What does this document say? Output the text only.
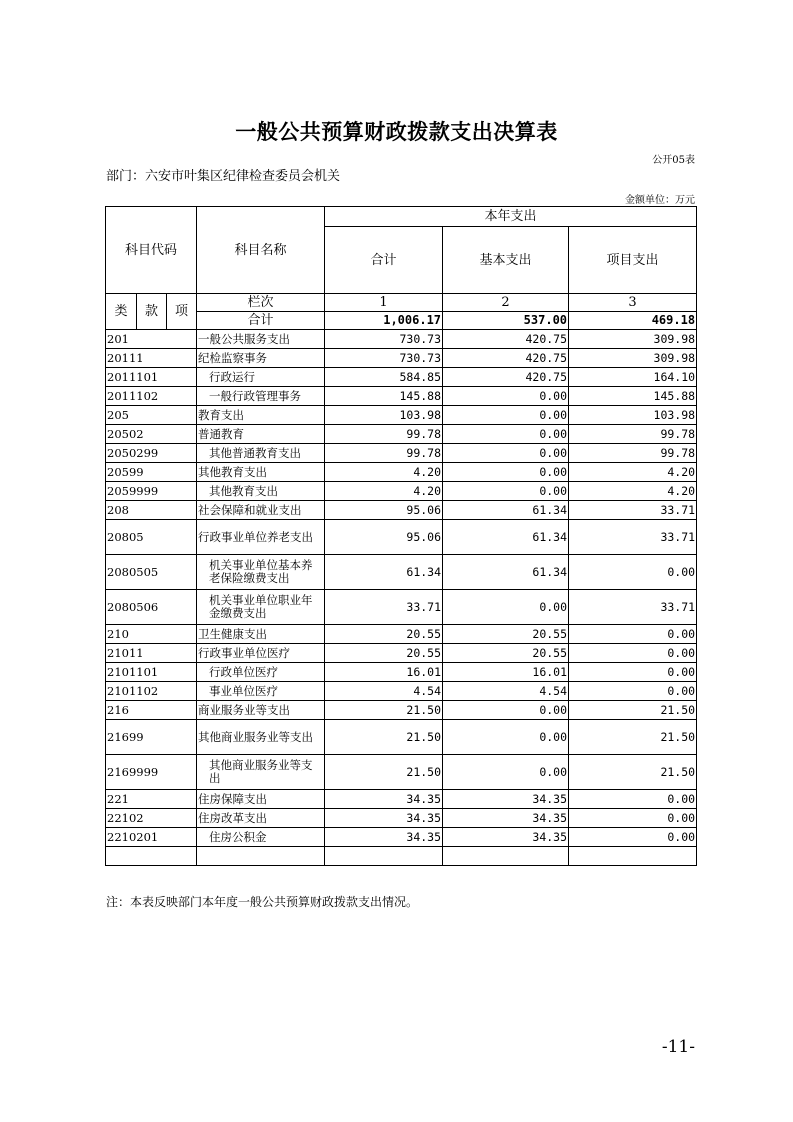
一般公共预算财政拨款支出决算表
公开05表
部门：六安市叶集区纪律检查委员会机关
金额单位：万元
科目代码			科目名称	本年支出		
				合计	基本支出	项目支出
类	款	项	栏次	1	2	3
			合计	1,006.17	537.00	469.18
201			一般公共服务支出	730.73	420.75	309.98
20111			纪检监察事务	730.73	420.75	309.98
2011101			行政运行	584.85	420.75	164.10
2011102			一般行政管理事务	145.88	0.00	145.88
205			教育支出	103.98	0.00	103.98
20502			普通教育	99.78	0.00	99.78
2050299			其他普通教育支出	99.78	0.00	99.78
20599			其他教育支出	4.20	0.00	4.20
2059999			其他教育支出	4.20	0.00	4.20
208			社会保障和就业支出	95.06	61.34	33.71
20805			行政事业单位养老支出	95.06	61.34	33.71
2080505			机关事业单位基本养老保险缴费支出	61.34	61.34	0.00
2080506			机关事业单位职业年金缴费支出	33.71	0.00	33.71
210			卫生健康支出	20.55	20.55	0.00
21011			行政事业单位医疗	20.55	20.55	0.00
2101101			行政单位医疗	16.01	16.01	0.00
2101102			事业单位医疗	4.54	4.54	0.00
216			商业服务业等支出	21.50	0.00	21.50
21699			其他商业服务业等支出	21.50	0.00	21.50
2169999			其他商业服务业等支出	21.50	0.00	21.50
221			住房保障支出	34.35	34.35	0.00
22102			住房改革支出	34.35	34.35	0.00
2210201			住房公积金	34.35	34.35	0.00

注：本表反映部门本年度一般公共预算财政拨款支出情况。
-11-
